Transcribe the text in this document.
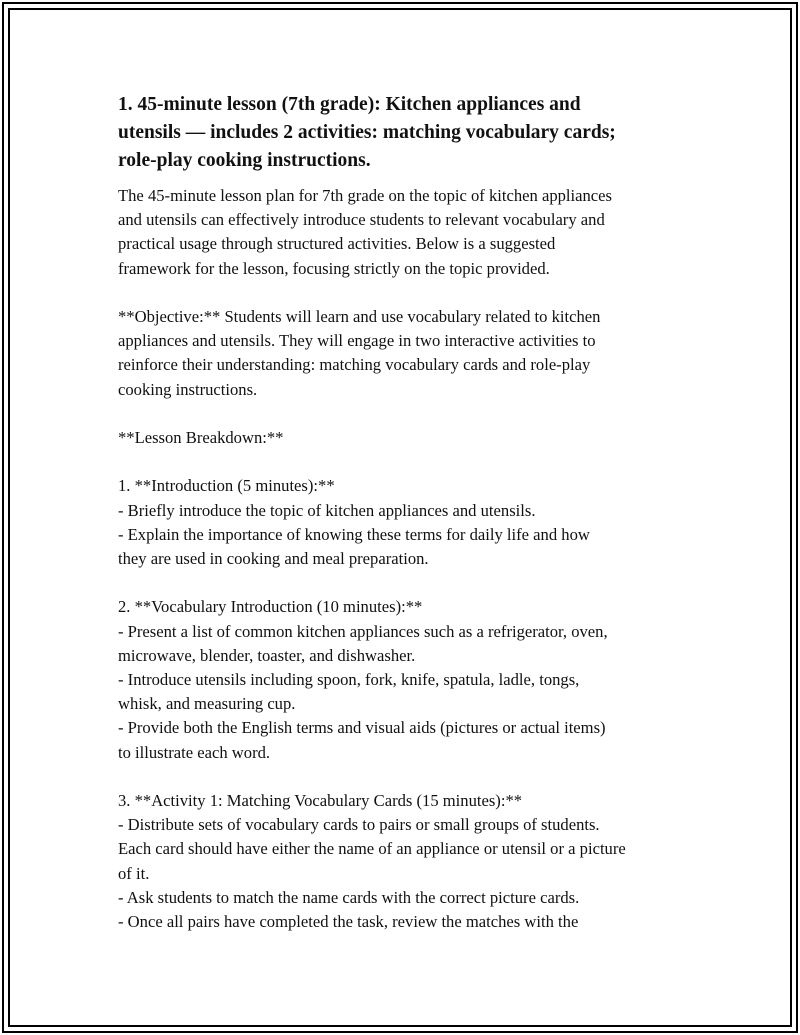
1. 45-minute lesson (7th grade): Kitchen appliances and
utensils — includes 2 activities: matching vocabulary cards;
role-play cooking instructions.

The 45-minute lesson plan for 7th grade on the topic of kitchen appliances
and utensils can effectively introduce students to relevant vocabulary and
practical usage through structured activities. Below is a suggested
framework for the lesson, focusing strictly on the topic provided.

**Objective:** Students will learn and use vocabulary related to kitchen
appliances and utensils. They will engage in two interactive activities to
reinforce their understanding: matching vocabulary cards and role-play
cooking instructions.

**Lesson Breakdown:**

1. **Introduction (5 minutes):**
- Briefly introduce the topic of kitchen appliances and utensils.
- Explain the importance of knowing these terms for daily life and how
they are used in cooking and meal preparation.

2. **Vocabulary Introduction (10 minutes):**
- Present a list of common kitchen appliances such as a refrigerator, oven,
microwave, blender, toaster, and dishwasher.
- Introduce utensils including spoon, fork, knife, spatula, ladle, tongs,
whisk, and measuring cup.
- Provide both the English terms and visual aids (pictures or actual items)
to illustrate each word.

3. **Activity 1: Matching Vocabulary Cards (15 minutes):**
- Distribute sets of vocabulary cards to pairs or small groups of students.
Each card should have either the name of an appliance or utensil or a picture
of it.
- Ask students to match the name cards with the correct picture cards.
- Once all pairs have completed the task, review the matches with the
